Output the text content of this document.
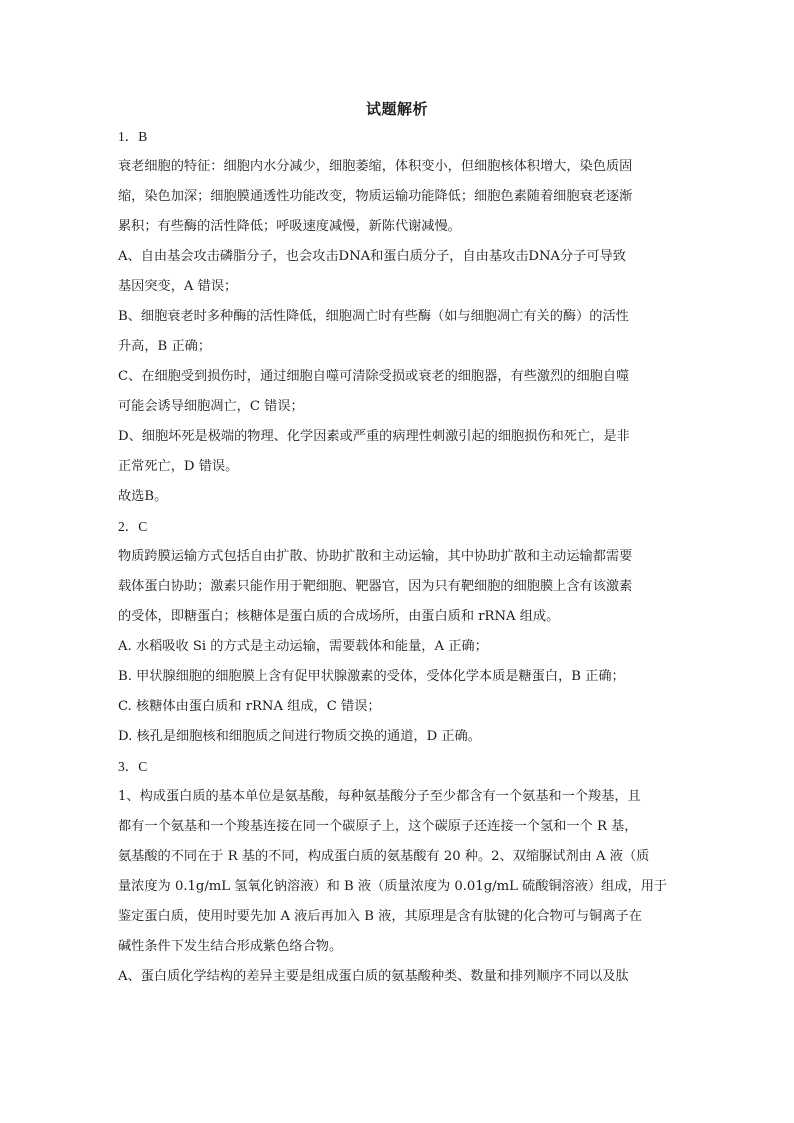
试题解析
1．B
衰老细胞的特征：细胞内水分减少，细胞萎缩，体积变小，但细胞核体积增大，染色质固
缩，染色加深；细胞膜通透性功能改变，物质运输功能降低；细胞色素随着细胞衰老逐渐
累积；有些酶的活性降低；呼吸速度减慢，新陈代谢减慢。
A、自由基会攻击磷脂分子，也会攻击DNA和蛋白质分子，自由基攻击DNA分子可导致
基因突变，A 错误；
B、细胞衰老时多种酶的活性降低，细胞凋亡时有些酶（如与细胞凋亡有关的酶）的活性
升高，B 正确；
C、在细胞受到损伤时，通过细胞自噬可清除受损或衰老的细胞器，有些激烈的细胞自噬
可能会诱导细胞凋亡，C 错误；
D、细胞坏死是极端的物理、化学因素或严重的病理性刺激引起的细胞损伤和死亡，是非
正常死亡，D 错误。
故选B。
2．C
物质跨膜运输方式包括自由扩散、协助扩散和主动运输，其中协助扩散和主动运输都需要
载体蛋白协助；激素只能作用于靶细胞、靶器官，因为只有靶细胞的细胞膜上含有该激素
的受体，即糖蛋白；核糖体是蛋白质的合成场所，由蛋白质和 rRNA 组成。
A. 水稻吸收 Si 的方式是主动运输，需要载体和能量，A 正确；
B. 甲状腺细胞的细胞膜上含有促甲状腺激素的受体，受体化学本质是糖蛋白，B 正确；
C. 核糖体由蛋白质和 rRNA 组成，C 错误；
D. 核孔是细胞核和细胞质之间进行物质交换的通道，D 正确。
3．C
1、构成蛋白质的基本单位是氨基酸，每种氨基酸分子至少都含有一个氨基和一个羧基，且
都有一个氨基和一个羧基连接在同一个碳原子上，这个碳原子还连接一个氢和一个 R 基，
氨基酸的不同在于 R 基的不同，构成蛋白质的氨基酸有 20 种。2、双缩脲试剂由 A 液（质
量浓度为 0.1g/mL 氢氧化钠溶液）和 B 液（质量浓度为 0.01g/mL 硫酸铜溶液）组成，用于
鉴定蛋白质，使用时要先加 A 液后再加入 B 液，其原理是含有肽键的化合物可与铜离子在
碱性条件下发生结合形成紫色络合物。
A、蛋白质化学结构的差异主要是组成蛋白质的氨基酸种类、数量和排列顺序不同以及肽
